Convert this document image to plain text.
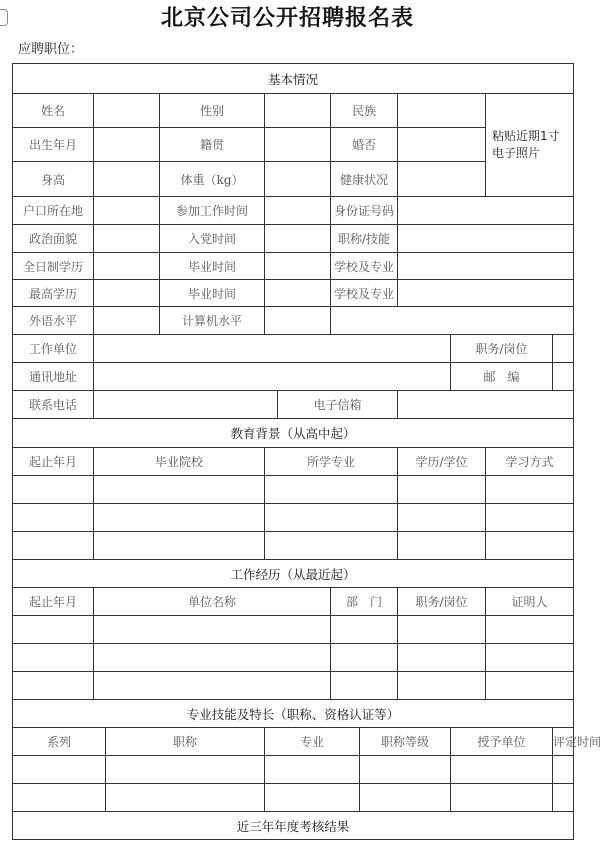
北京公司公开招聘报名表
应聘职位：
基本情况											
姓名			性别			民族				粘贴近期1寸电子照片	
出生年月			籍贯			婚否					
身高			体重（kg）			健康状况					
户口所在地			参加工作时间			身份证号码					
政治面貌			入党时间			职称/技能					
全日制学历			毕业时间			学校及专业					
最高学历			毕业时间			学校及专业					
外语水平			计算机水平								
工作单位									职务/岗位		
通讯地址									邮　编		
联系电话					电子信箱						
教育背景（从高中起）											
起止年月	毕业院校			所学专业				学历/学位		学习方式	

工作经历（从最近起）											
起止年月	单位名称					部　门		职务/岗位		证明人	

专业技能及特长（职称、资格认证等）											
系列		职称		专业			职称等级		授予单位		评定时间

近三年年度考核结果											
